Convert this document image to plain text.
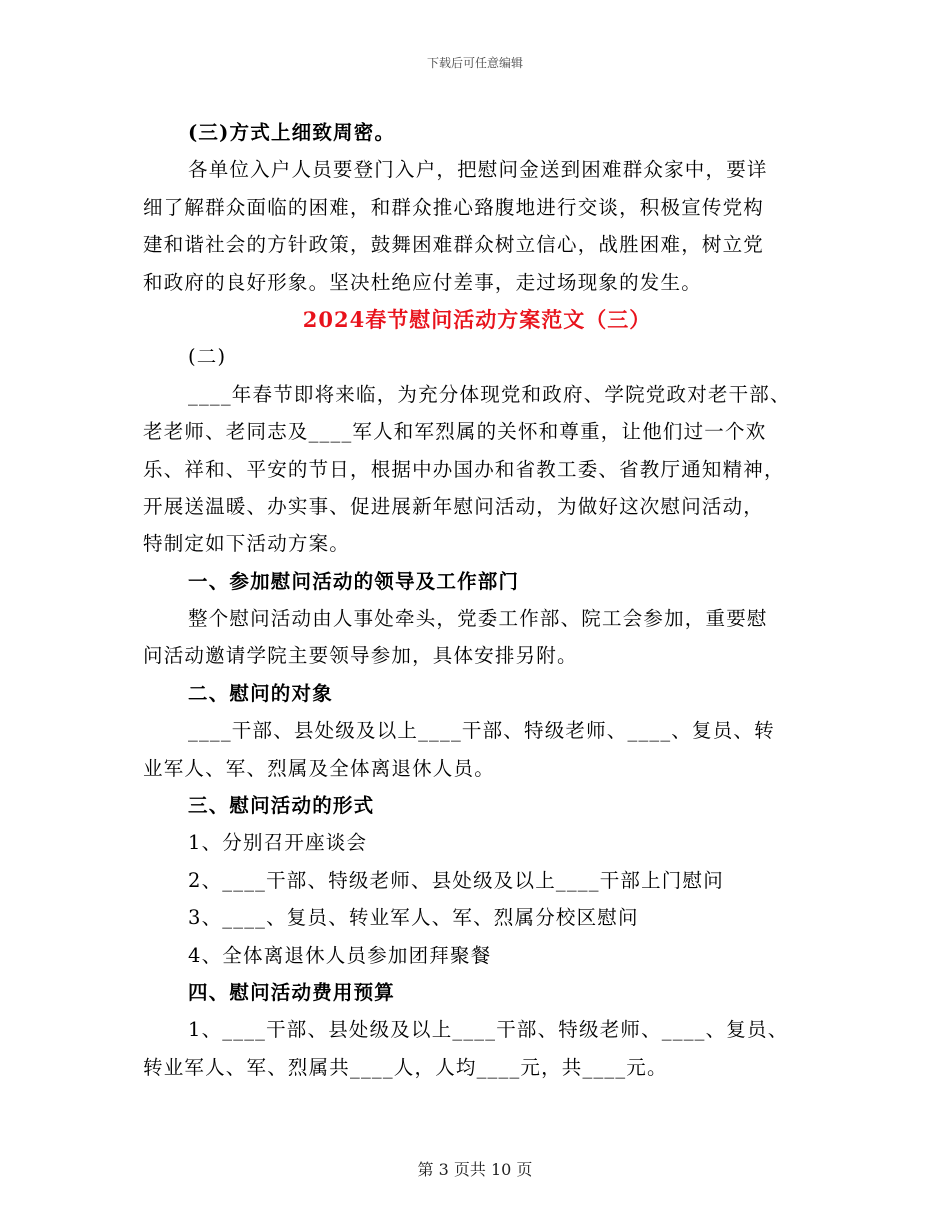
下载后可任意编辑
(三)方式上细致周密。
各单位入户人员要登门入户，把慰问金送到困难群众家中，要详
细了解群众面临的困难，和群众推心臵腹地进行交谈，积极宣传党构
建和谐社会的方针政策，鼓舞困难群众树立信心，战胜困难，树立党
和政府的良好形象。坚决杜绝应付差事，走过场现象的发生。
2024春节慰问活动方案范文（三）
(二)
____年春节即将来临，为充分体现党和政府、学院党政对老干部、
老老师、老同志及____军人和军烈属的关怀和尊重，让他们过一个欢
乐、祥和、平安的节日，根据中办国办和省教工委、省教厅通知精神，
开展送温暖、办实事、促进展新年慰问活动，为做好这次慰问活动，
特制定如下活动方案。
一、参加慰问活动的领导及工作部门
整个慰问活动由人事处牵头，党委工作部、院工会参加，重要慰
问活动邀请学院主要领导参加，具体安排另附。
二、慰问的对象
____干部、县处级及以上____干部、特级老师、____、复员、转
业军人、军、烈属及全体离退休人员。
三、慰问活动的形式
1、分别召开座谈会
2、____干部、特级老师、县处级及以上____干部上门慰问
3、____、复员、转业军人、军、烈属分校区慰问
4、全体离退休人员参加团拜聚餐
四、慰问活动费用预算
1、____干部、县处级及以上____干部、特级老师、____、复员、
转业军人、军、烈属共____人，人均____元，共____元。
第 3 页共 10 页
